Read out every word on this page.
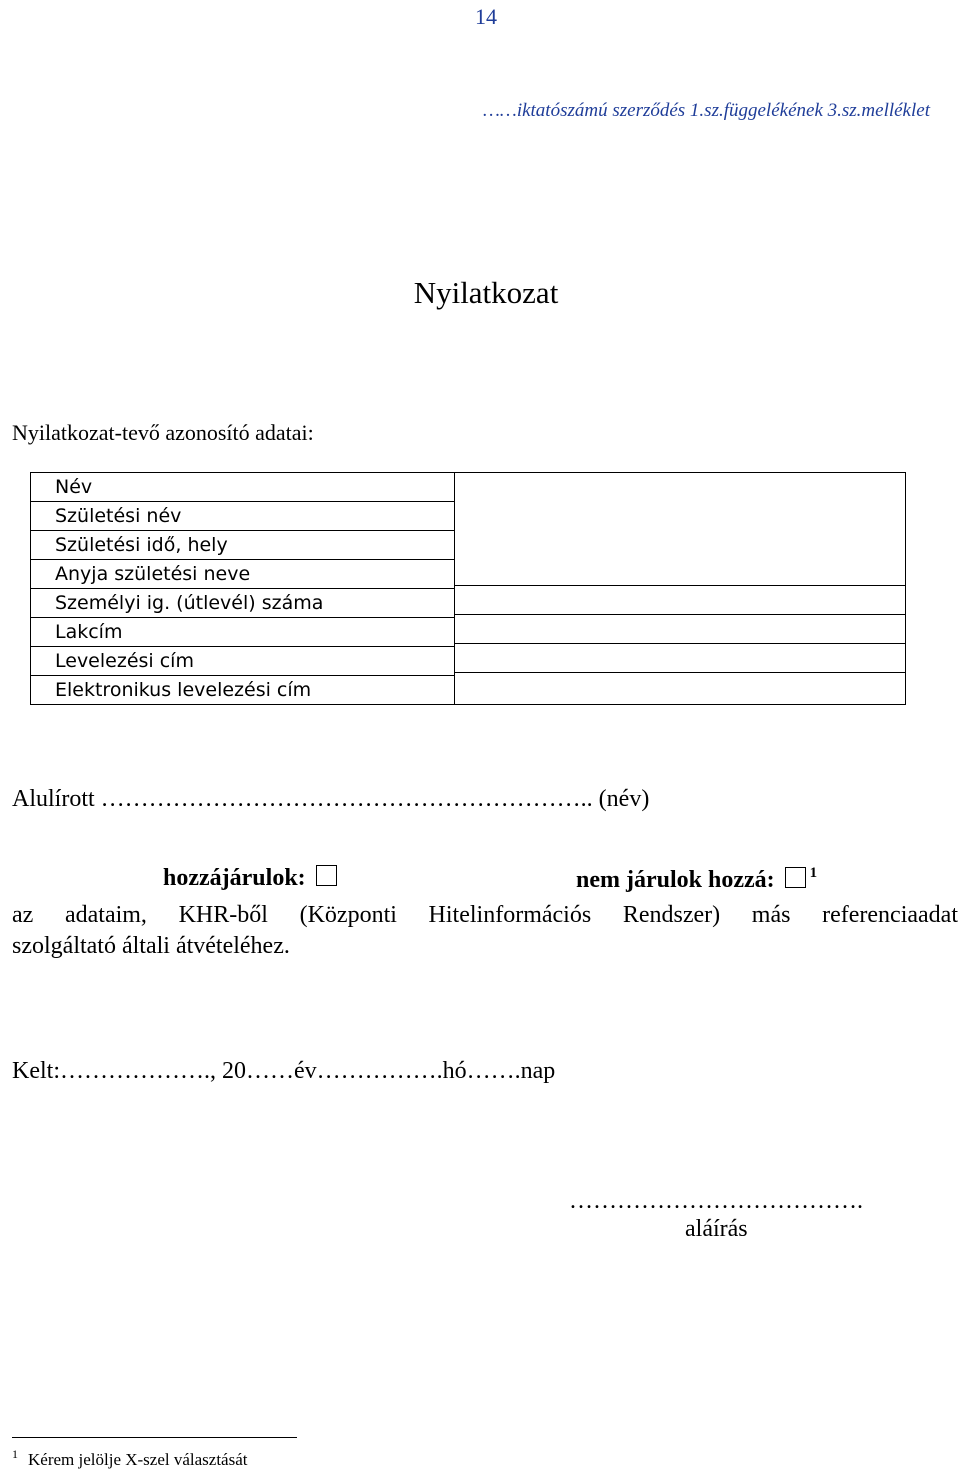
14
……iktatószámú szerződés 1.sz.függelékének 3.sz.melléklet
Nyilatkozat
Nyilatkozat-tevő azonosító adatai:
Név
Születési név
Születési idő, hely
Anyja születési neve
Személyi ig. (útlevél) száma
Lakcím
Levelezési cím
Elektronikus levelezési cím

Alulírott …………………………………………………….. (név)
hozzájárulok:	nem járulok hozzá: $^1$
az adataim, KHR-ből (Központi Hitelinformációs Rendszer) más referenciaadat
szolgáltató általi átvételéhez.
Kelt:………………., 20……év…………….hó…….nap
……………………………….
aláírás
$^1$ Kérem jelölje X-szel választását
